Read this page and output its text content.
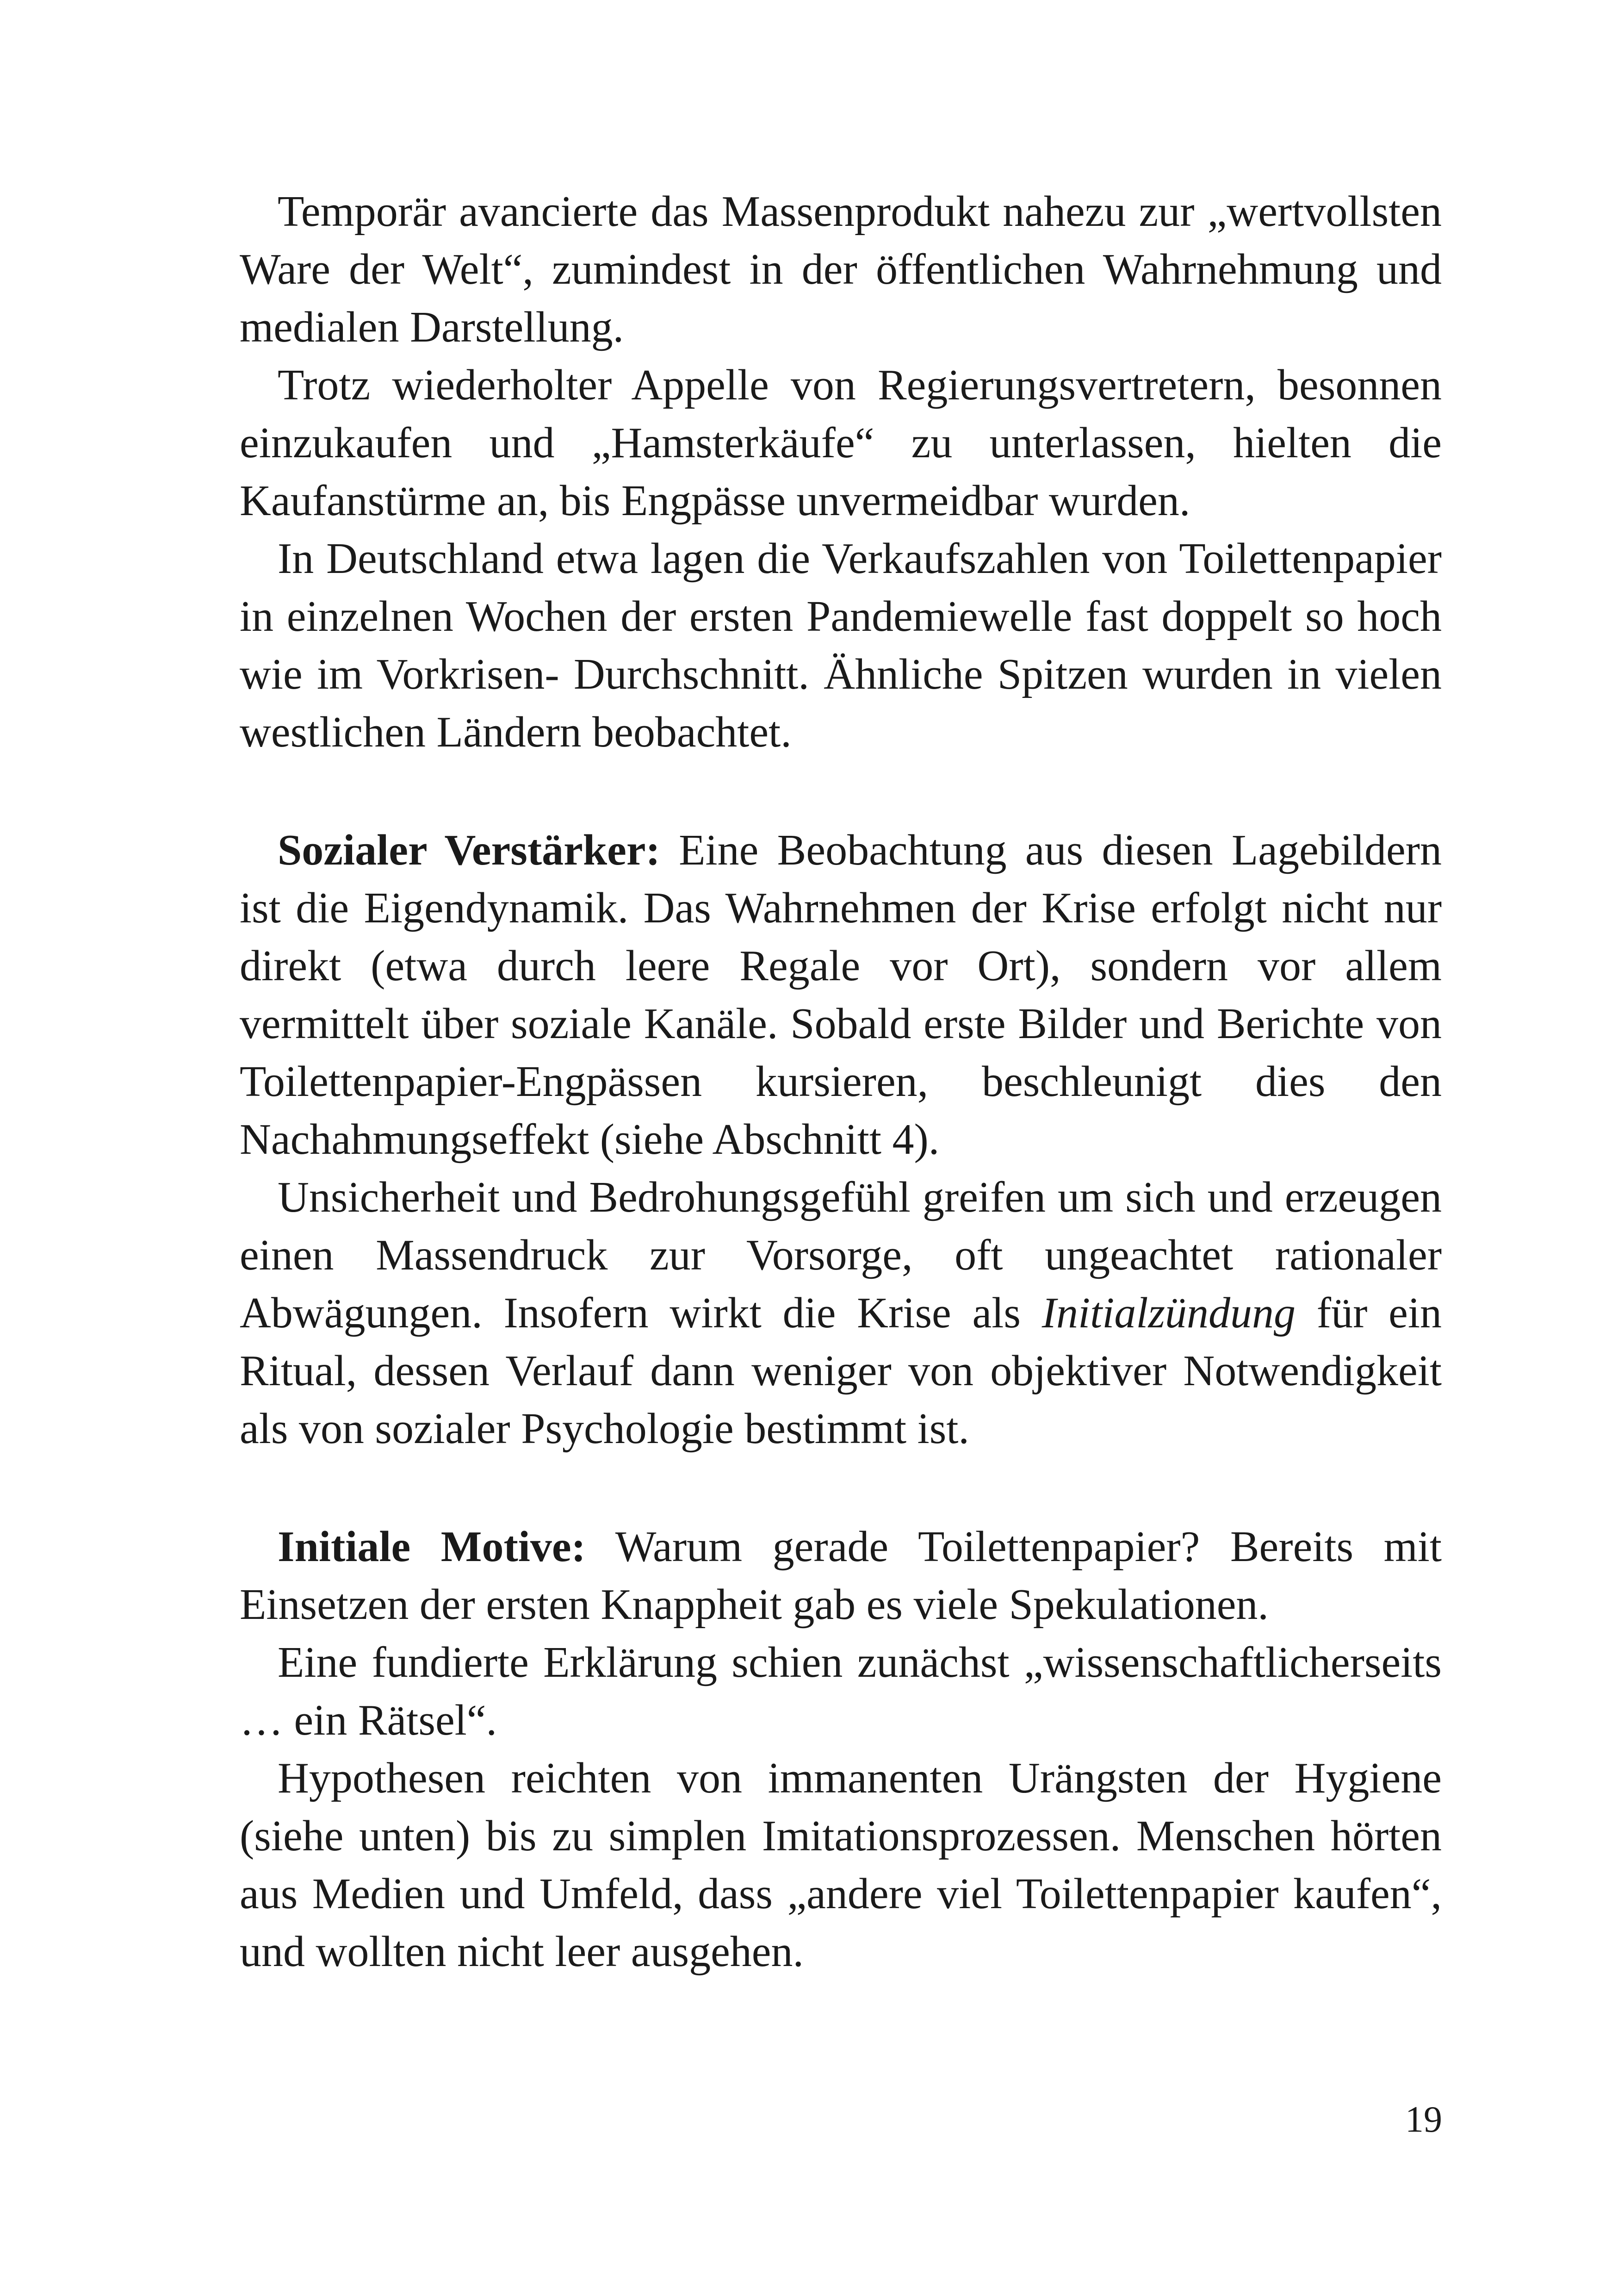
Temporär avancierte das Massenprodukt nahezu zur „wertvollsten Ware der Welt“, zumindest in der öffentlichen Wahrnehmung und medialen Darstellung.

Trotz wiederholter Appelle von Regierungsvertretern, besonnen einzukaufen und „Hamsterkäufe“ zu unterlassen, hielten die Kaufanstürme an, bis Engpässe unvermeidbar wurden.

In Deutschland etwa lagen die Verkaufszahlen von Toilettenpapier in einzelnen Wochen der ersten Pandemiewelle fast doppelt so hoch wie im Vorkrisen- Durchschnitt. Ähnliche Spitzen wurden in vielen westlichen Ländern beobachtet.

Sozialer Verstärker: Eine Beobachtung aus diesen Lagebildern ist die Eigendynamik. Das Wahrnehmen der Krise erfolgt nicht nur direkt (etwa durch leere Regale vor Ort), sondern vor allem vermittelt über soziale Kanäle. Sobald erste Bilder und Berichte von Toilettenpapier-Engpässen kursieren, beschleunigt dies den Nachahmungseffekt (siehe Abschnitt 4).

Unsicherheit und Bedrohungsgefühl greifen um sich und erzeugen einen Massendruck zur Vorsorge, oft ungeachtet rationaler Abwägungen. Insofern wirkt die Krise als Initialzündung für ein Ritual, dessen Verlauf dann weniger von objektiver Notwendigkeit als von sozialer Psychologie bestimmt ist.

Initiale Motive: Warum gerade Toilettenpapier? Bereits mit Einsetzen der ersten Knappheit gab es viele Spekulationen.

Eine fundierte Erklärung schien zunächst „wissenschaftlicherseits … ein Rätsel“.

Hypothesen reichten von immanenten Urängsten der Hygiene (siehe unten) bis zu simplen Imitationsprozessen. Menschen hörten aus Medien und Umfeld, dass „andere viel Toilettenpapier kaufen“, und wollten nicht leer ausgehen.

19
